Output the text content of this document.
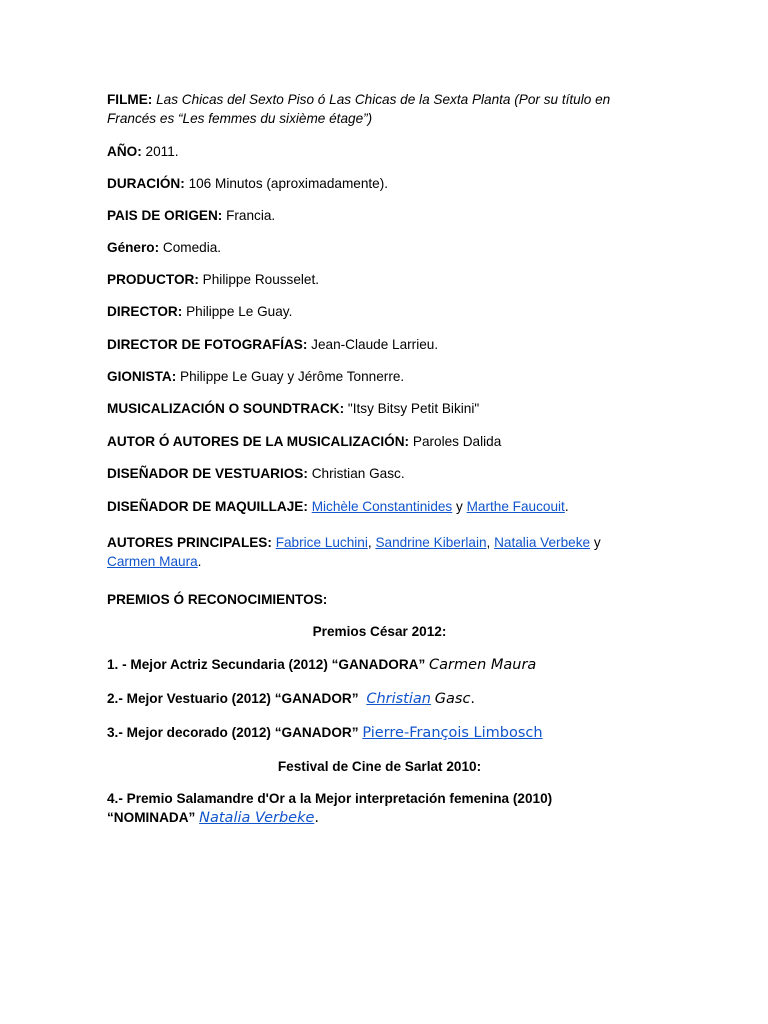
FILME: Las Chicas del Sexto Piso ó Las Chicas de la Sexta Planta (Por su título en Francés es “Les femmes du sixième étage”)

AÑO: 2011.

DURACIÓN: 106 Minutos (aproximadamente).

PAIS DE ORIGEN: Francia.

Género: Comedia.

PRODUCTOR: Philippe Rousselet.

DIRECTOR: Philippe Le Guay.

DIRECTOR DE FOTOGRAFÍAS: Jean-Claude Larrieu.

GIONISTA: Philippe Le Guay y Jérôme Tonnerre.

MUSICALIZACIÓN O SOUNDTRACK: "Itsy Bitsy Petit Bikini"

AUTOR Ó AUTORES DE LA MUSICALIZACIÓN: Paroles Dalida

DISEÑADOR DE VESTUARIOS: Christian Gasc.

DISEÑADOR DE MAQUILLAJE: Michèle Constantinides y Marthe Faucouit.

AUTORES PRINCIPALES: Fabrice Luchini, Sandrine Kiberlain, Natalia Verbeke y
Carmen Maura.

PREMIOS Ó RECONOCIMIENTOS:

Premios César 2012:

1. - Mejor Actriz Secundaria (2012) “GANADORA” Carmen Maura

2.- Mejor Vestuario (2012) “GANADOR” Christian Gasc.

3.- Mejor decorado (2012) “GANADOR” Pierre-François Limbosch

Festival de Cine de Sarlat 2010:

4.- Premio Salamandre d'Or a la Mejor interpretación femenina (2010)
“NOMINADA” Natalia Verbeke.
